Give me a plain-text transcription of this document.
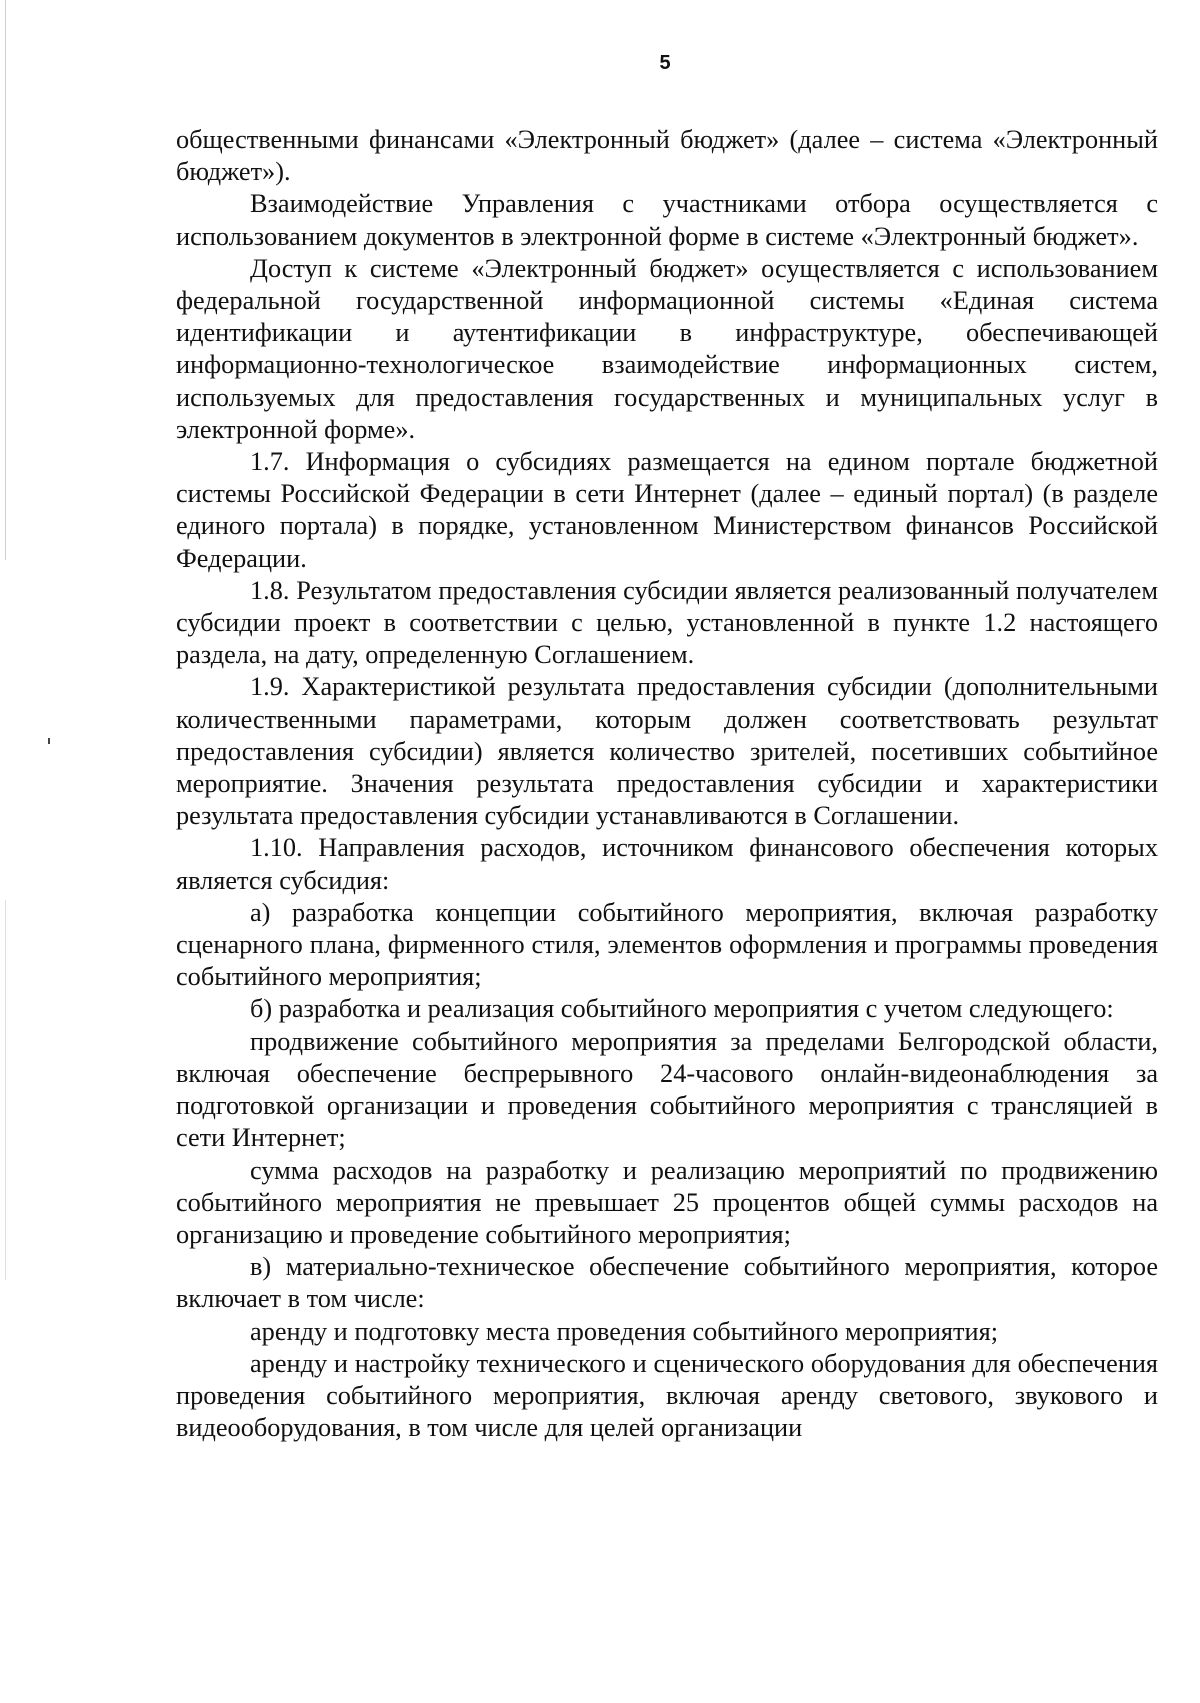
5

общественными финансами «Электронный бюджет» (далее – система «Электронный бюджет»).

Взаимодействие Управления с участниками отбора осуществляется с использованием документов в электронной форме в системе «Электронный бюджет».

Доступ к системе «Электронный бюджет» осуществляется с использованием федеральной государственной информационной системы «Единая система идентификации и аутентификации в инфраструктуре, обеспечивающей информационно-технологическое взаимодействие информационных систем, используемых для предоставления государственных и муниципальных услуг в электронной форме».

1.7. Информация о субсидиях размещается на едином портале бюджетной системы Российской Федерации в сети Интернет (далее – единый портал) (в разделе единого портала) в порядке, установленном Министерством финансов Российской Федерации.

1.8. Результатом предоставления субсидии является реализованный получателем субсидии проект в соответствии с целью, установленной в пункте 1.2 настоящего раздела, на дату, определенную Соглашением.

1.9. Характеристикой результата предоставления субсидии (дополнительными количественными параметрами, которым должен соответствовать результат предоставления субсидии) является количество зрителей, посетивших событийное мероприятие. Значения результата предоставления субсидии и характеристики результата предоставления субсидии устанавливаются в Соглашении.

1.10. Направления расходов, источником финансового обеспечения которых является субсидия:

а) разработка концепции событийного мероприятия, включая разработку сценарного плана, фирменного стиля, элементов оформления и программы проведения событийного мероприятия;

б) разработка и реализация событийного мероприятия с учетом следующего:

продвижение событийного мероприятия за пределами Белгородской области, включая обеспечение беспрерывного 24-часового онлайн-видеонаблюдения за подготовкой организации и проведения событийного мероприятия с трансляцией в сети Интернет;

сумма расходов на разработку и реализацию мероприятий по продвижению событийного мероприятия не превышает 25 процентов общей суммы расходов на организацию и проведение событийного мероприятия;

в) материально-техническое обеспечение событийного мероприятия, которое включает в том числе:

аренду и подготовку места проведения событийного мероприятия;

аренду и настройку технического и сценического оборудования для обеспечения проведения событийного мероприятия, включая аренду светового, звукового и видеооборудования, в том числе для целей организации
